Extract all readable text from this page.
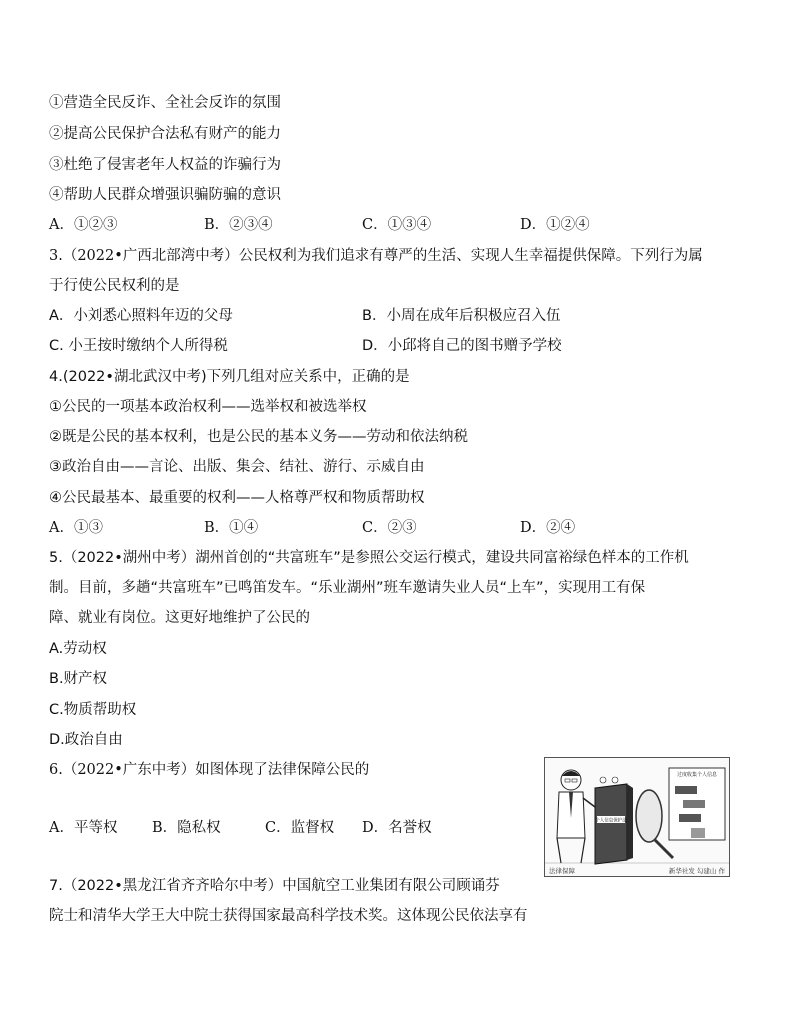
①营造全民反诈、全社会反诈的氛围
②提高公民保护合法私有财产的能力
③杜绝了侵害老年人权益的诈骗行为
④帮助人民群众增强识骗防骗的意识
A．①②③	B．②③④	C．①③④	D．①②④
3.（2022•广西北部湾中考）公民权利为我们追求有尊严的生活、实现人生幸福提供保障。下列行为属
于行使公民权利的是
A．小刘悉心照料年迈的父母	B．小周在成年后积极应召入伍
C. 小王按时缴纳个人所得税	D．小邱将自己的图书赠予学校
4.(2022•湖北武汉中考)下列几组对应关系中，正确的是
①公民的一项基本政治权利——选举权和被选举权
②既是公民的基本权利，也是公民的基本义务——劳动和依法纳税
③政治自由——言论、出版、集会、结社、游行、示威自由
④公民最基本、最重要的权利——人格尊严权和物质帮助权
A．①③	B．①④	C．②③	D．②④
5.（2022•湖州中考）湖州首创的“共富班车”是参照公交运行模式，建设共同富裕绿色样本的工作机
制。目前，多趟“共富班车”已鸣笛发车。“乐业湖州”班车邀请失业人员“上车”，实现用工有保
障、就业有岗位。这更好地维护了公民的
A.劳动权
B.财产权
C.物质帮助权
D.政治自由
6.（2022•广东中考）如图体现了法律保障公民的
A．平等权 B．隐私权	C．监督权 D．名誉权	个人信息保护法
过度收集个人信息
法律保障	新华社发 勾建山 作
7.（2022•黑龙江省齐齐哈尔中考）中国航空工业集团有限公司顾诵芬
院士和清华大学王大中院士获得国家最高科学技术奖。这体现公民依法享有
